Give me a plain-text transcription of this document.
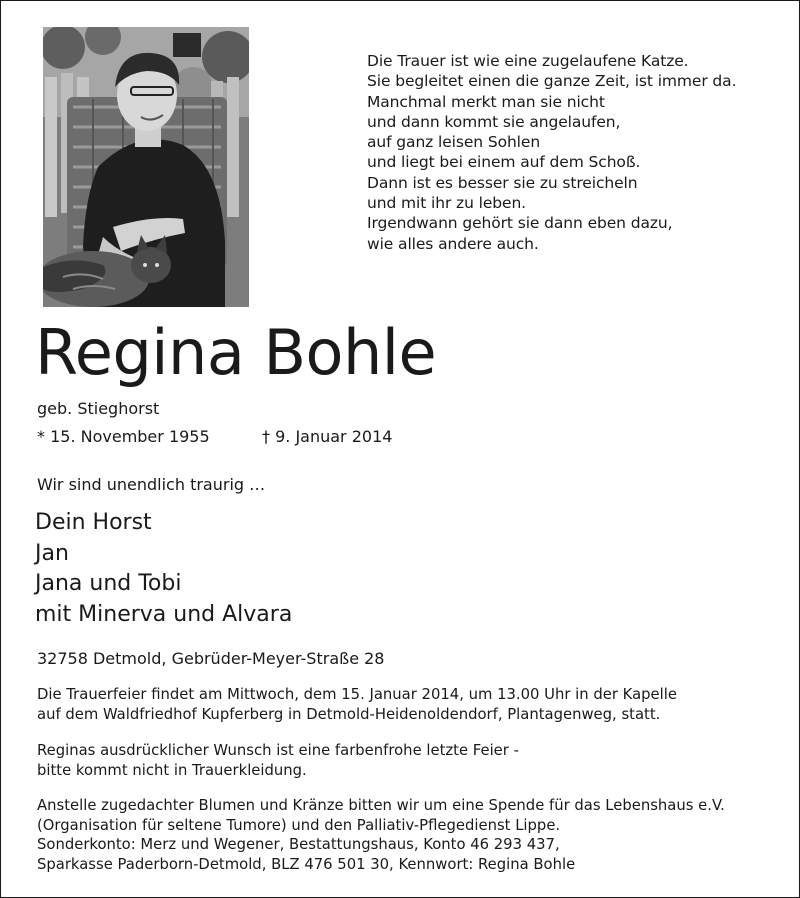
Die Trauer ist wie eine zugelaufene Katze.
Sie begleitet einen die ganze Zeit, ist immer da.
Manchmal merkt man sie nicht
und dann kommt sie angelaufen,
auf ganz leisen Sohlen
und liegt bei einem auf dem Schoß.
Dann ist es besser sie zu streicheln
und mit ihr zu leben.
Irgendwann gehört sie dann eben dazu,
wie alles andere auch.
Regina Bohle
geb. Stieghorst
* 15. November 1955	† 9. Januar 2014
Wir sind unendlich traurig …
Dein Horst
Jan
Jana und Tobi
mit Minerva und Alvara
32758 Detmold, Gebrüder-Meyer-Straße 28
Die Trauerfeier findet am Mittwoch, dem 15. Januar 2014, um 13.00 Uhr in der Kapelle
auf dem Waldfriedhof Kupferberg in Detmold-Heidenoldendorf, Plantagenweg, statt.
Reginas ausdrücklicher Wunsch ist eine farbenfrohe letzte Feier -
bitte kommt nicht in Trauerkleidung.
Anstelle zugedachter Blumen und Kränze bitten wir um eine Spende für das Lebenshaus e.V.
(Organisation für seltene Tumore) und den Palliativ-Pflegedienst Lippe.
Sonderkonto: Merz und Wegener, Bestattungshaus, Konto 46 293 437,
Sparkasse Paderborn-Detmold, BLZ 476 501 30, Kennwort: Regina Bohle
